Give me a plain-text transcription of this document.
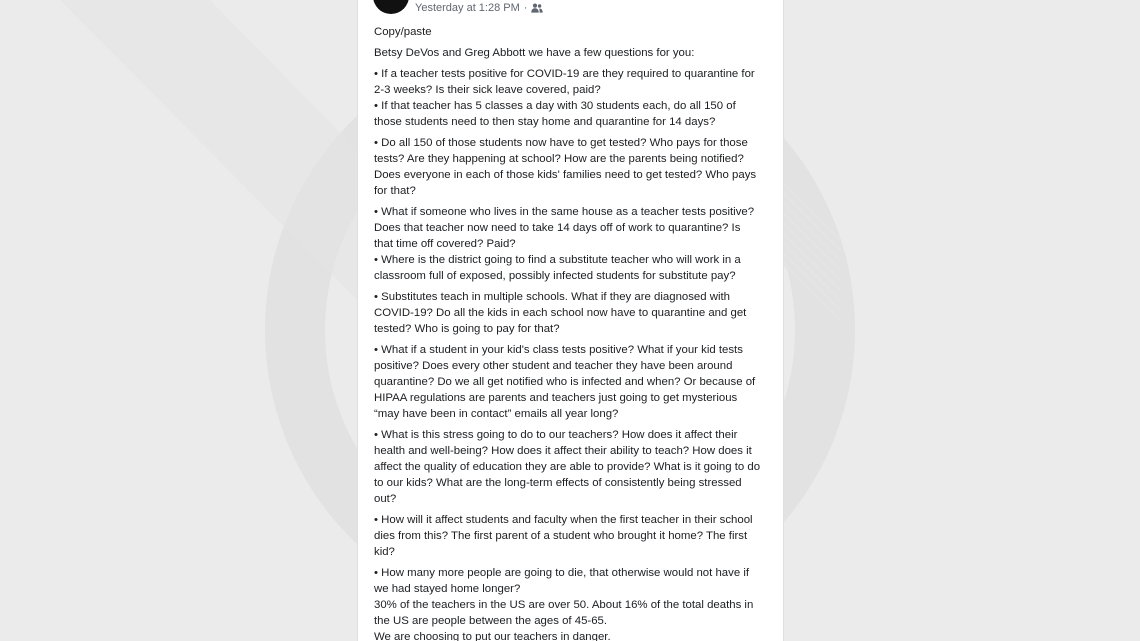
Yesterday at 1:28 PM ·

Copy/paste

Betsy DeVos and Greg Abbott we have a few questions for you:

• If a teacher tests positive for COVID-19 are they required to quarantine for
2-3 weeks? Is their sick leave covered, paid?
• If that teacher has 5 classes a day with 30 students each, do all 150 of
those students need to then stay home and quarantine for 14 days?

• Do all 150 of those students now have to get tested? Who pays for those
tests? Are they happening at school? How are the parents being notified?
Does everyone in each of those kids' families need to get tested? Who pays
for that?

• What if someone who lives in the same house as a teacher tests positive?
Does that teacher now need to take 14 days off of work to quarantine? Is
that time off covered? Paid?
• Where is the district going to find a substitute teacher who will work in a
classroom full of exposed, possibly infected students for substitute pay?

• Substitutes teach in multiple schools. What if they are diagnosed with
COVID-19? Do all the kids in each school now have to quarantine and get
tested? Who is going to pay for that?

• What if a student in your kid's class tests positive? What if your kid tests
positive? Does every other student and teacher they have been around
quarantine? Do we all get notified who is infected and when? Or because of
HIPAA regulations are parents and teachers just going to get mysterious
“may have been in contact” emails all year long?

• What is this stress going to do to our teachers? How does it affect their
health and well-being? How does it affect their ability to teach? How does it
affect the quality of education they are able to provide? What is it going to do
to our kids? What are the long-term effects of consistently being stressed
out?

• How will it affect students and faculty when the first teacher in their school
dies from this? The first parent of a student who brought it home? The first
kid?

• How many more people are going to die, that otherwise would not have if
we had stayed home longer?
30% of the teachers in the US are over 50. About 16% of the total deaths in
the US are people between the ages of 45-65.
We are choosing to put our teachers in danger.
